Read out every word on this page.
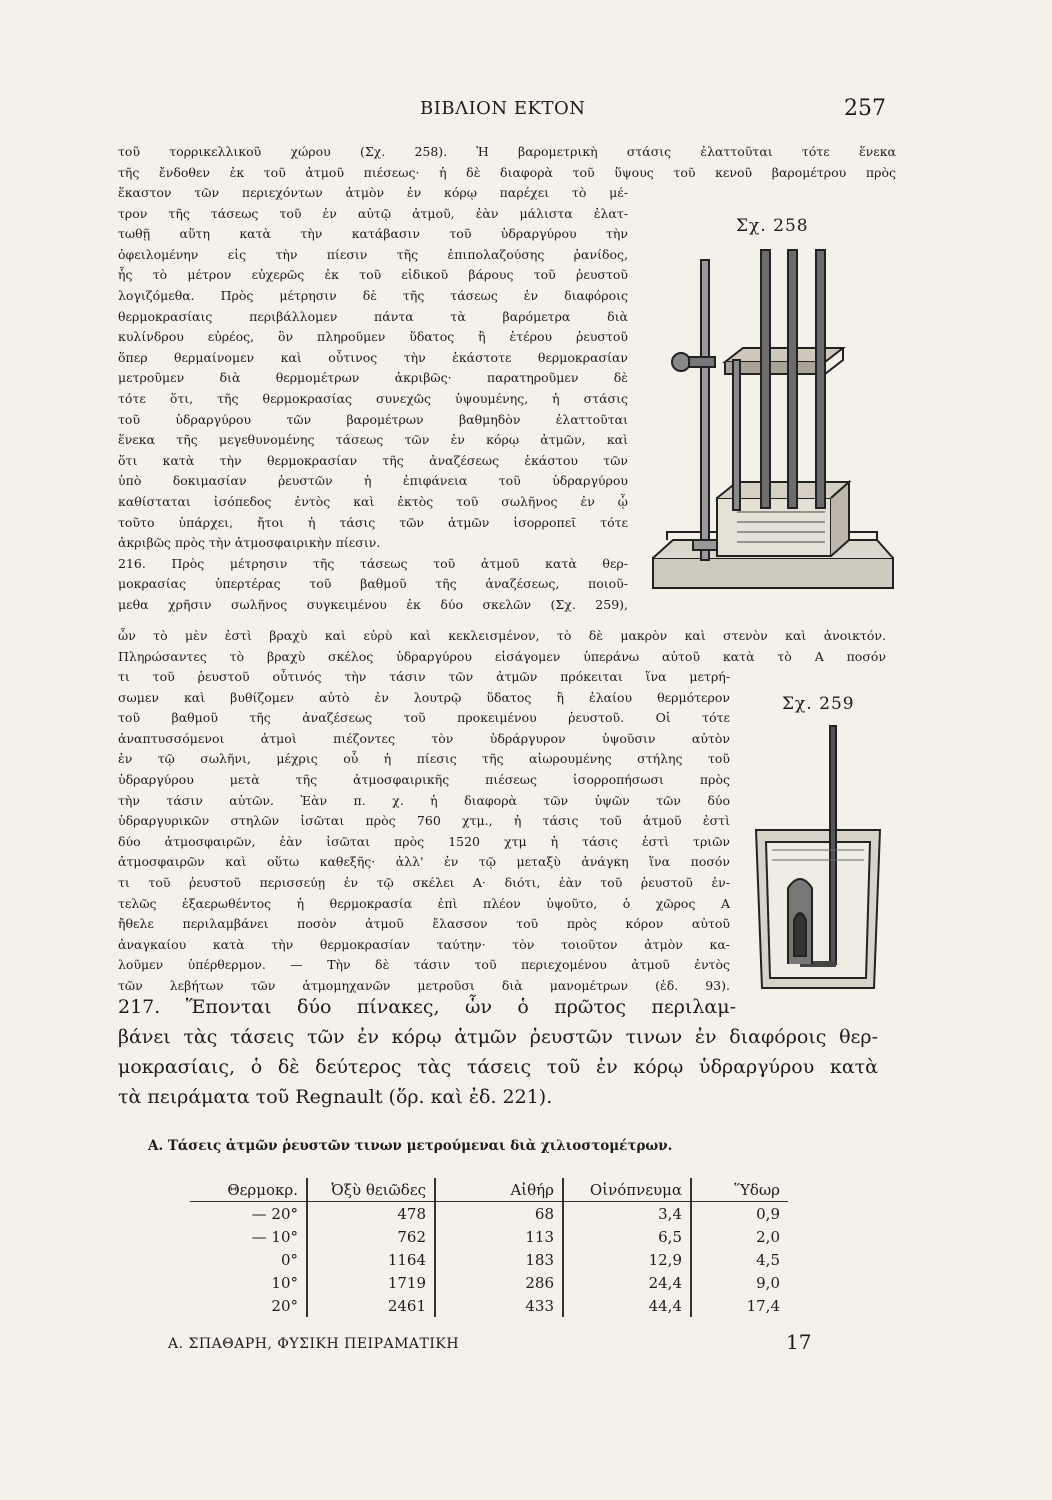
ΒΙΒΛΙΟΝ ΕΚΤΟΝ	257
τοῦ τορρικελλικοῦ χώρου (Σχ. 258). Ἡ βαρομετρικὴ στάσις ἐλαττοῦται τότε ἕνεκα
τῆς ἔνδοθεν ἐκ τοῦ ἀτμοῦ πιέσεως· ἡ δὲ διαφορὰ τοῦ ὕψους τοῦ κενοῦ βαρομέτρου πρὸς
ἕκαστον τῶν περιεχόντων ἀτμὸν ἐν κόρῳ παρέχει τὸ μέ-
τρον τῆς τάσεως τοῦ ἐν αὐτῷ ἀτμοῦ, ἐὰν μάλιστα ἐλατ-
τωθῇ αὕτη κατὰ τὴν κατάβασιν τοῦ ὑδραργύρου τὴν
ὀφειλομένην εἰς τὴν πίεσιν τῆς ἐπιπολαζούσης ῥανίδος,
ἧς τὸ μέτρον εὐχερῶς ἐκ τοῦ εἰδικοῦ βάρους τοῦ ῥευστοῦ
λογιζόμεθα. Πρὸς μέτρησιν δὲ τῆς τάσεως ἐν διαφόροις
θερμοκρασίαις περιβάλλομεν πάντα τὰ βαρόμετρα διὰ
κυλίνδρου εὐρέος, ὃν πληροῦμεν ὕδατος ἢ ἑτέρου ῥευστοῦ
ὅπερ θερμαίνομεν καὶ οὗτινος τὴν ἑκάστοτε θερμοκρασίαν
μετροῦμεν διὰ θερμομέτρων ἀκριβῶς· παρατηροῦμεν δὲ
τότε ὅτι, τῆς θερμοκρασίας συνεχῶς ὑψουμένης, ἡ στάσις
τοῦ ὑδραργύρου τῶν βαρομέτρων βαθμηδὸν ἐλαττοῦται
ἕνεκα τῆς μεγεθυνομένης τάσεως τῶν ἐν κόρῳ ἀτμῶν, καὶ
ὅτι κατὰ τὴν θερμοκρασίαν τῆς ἀναζέσεως ἑκάστου τῶν
ὑπὸ δοκιμασίαν ῥευστῶν ἡ ἐπιφάνεια τοῦ ὑδραργύρου
καθίσταται ἰσόπεδος ἐντὸς καὶ ἐκτὸς τοῦ σωλῆνος ἐν ᾧ
τοῦτο ὑπάρχει, ἤτοι ἡ τάσις τῶν ἀτμῶν ἰσορροπεῖ τότε
ἀκριβῶς πρὸς τὴν ἀτμοσφαιρικὴν πίεσιν.
216. Πρὸς μέτρησιν τῆς τάσεως τοῦ ἀτμοῦ κατὰ θερ-
μοκρασίας ὑπερτέρας τοῦ βαθμοῦ τῆς ἀναζέσεως, ποιοῦ-
μεθα χρῆσιν σωλῆνος συγκειμένου ἐκ δύο σκελῶν (Σχ. 259),
ὧν τὸ μὲν ἐστὶ βραχὺ καὶ εὐρὺ καὶ κεκλεισμένον, τὸ δὲ μακρὸν καὶ στενὸν καὶ ἀνοικτόν.
Πληρώσαντες τὸ βραχὺ σκέλος ὑδραργύρου εἰσάγομεν ὑπεράνω αὐτοῦ κατὰ τὸ Α ποσόν
τι τοῦ ῥευστοῦ οὗτινός τὴν τάσιν τῶν ἀτμῶν πρόκειται ἵνα μετρή-
σωμεν καὶ βυθίζομεν αὐτὸ ἐν λουτρῷ ὕδατος ἢ ἐλαίου θερμότερον
τοῦ βαθμοῦ τῆς ἀναζέσεως τοῦ προκειμένου ῥευστοῦ. Οἱ τότε
ἀναπτυσσόμενοι ἀτμοὶ πιέζοντες τὸν ὑδράργυρον ὑψοῦσιν αὐτὸν
ἐν τῷ σωλῆνι, μέχρις οὗ ἡ πίεσις τῆς αἰωρουμένης στήλης τοῦ
ὑδραργύρου μετὰ τῆς ἀτμοσφαιρικῆς πιέσεως ἰσορροπήσωσι πρὸς
τὴν τάσιν αὐτῶν. Ἐὰν π. χ. ἡ διαφορὰ τῶν ὑψῶν τῶν δύο
ὑδραργυρικῶν στηλῶν ἰσῶται πρὸς 760 χτμ., ἡ τάσις τοῦ ἀτμοῦ ἐστὶ
δύο ἀτμοσφαιρῶν, ἐὰν ἰσῶται πρὸς 1520 χτμ ἡ τάσις ἐστὶ τριῶν
ἀτμοσφαιρῶν καὶ οὕτω καθεξῆς· ἀλλ' ἐν τῷ μεταξὺ ἀνάγκη ἵνα ποσόν
τι τοῦ ῥευστοῦ περισσεύῃ ἐν τῷ σκέλει Α· διότι, ἐὰν τοῦ ῥευστοῦ ἐν-
τελῶς ἐξαερωθέντος ἡ θερμοκρασία ἐπὶ πλέον ὑψοῦτο, ὁ χῶρος Α
ἤθελε περιλαμβάνει ποσὸν ἀτμοῦ ἔλασσον τοῦ πρὸς κόρον αὐτοῦ
ἀναγκαίου κατὰ τὴν θερμοκρασίαν ταύτην· τὸν τοιοῦτον ἀτμὸν κα-
λοῦμεν ὑπέρθερμον. — Τὴν δὲ τάσιν τοῦ περιεχομένου ἀτμοῦ ἐντὸς
τῶν λεβήτων τῶν ἀτμομηχανῶν μετροῦσι διὰ μανομέτρων (ἐδ. 93).
217. Ἕπονται δύο πίνακες, ὧν ὁ πρῶτος περιλαμ-
βάνει τὰς τάσεις τῶν ἐν κόρῳ ἀτμῶν ῥευστῶν τινων ἐν διαφόροις θερ-
μοκρασίαις, ὁ δὲ δεύτερος τὰς τάσεις τοῦ ἐν κόρῳ ὑδραργύρου κατὰ
τὰ πειράματα τοῦ Regnault (ὅρ. καὶ ἐδ. 221).
Σχ. 258
Σχ. 259
Α. Τάσεις ἀτμῶν ῥευστῶν τινων μετρούμεναι διὰ χιλιοστομέτρων.
Θερμοκρ.	Ὀξὺ θειῶδες	Αἰθήρ	Οἰνόπνευμα	Ὕδωρ
— 20°	478	68	3,4	0,9
— 10°	762	113	6,5	2,0
0°	1164	183	12,9	4,5
10°	1719	286	24,4	9,0
20°	2461	433	44,4	17,4
Α. ΣΠΑΘΑΡΗ, ΦΥΣΙΚΗ ΠΕΙΡΑΜΑΤΙΚΗ	17
